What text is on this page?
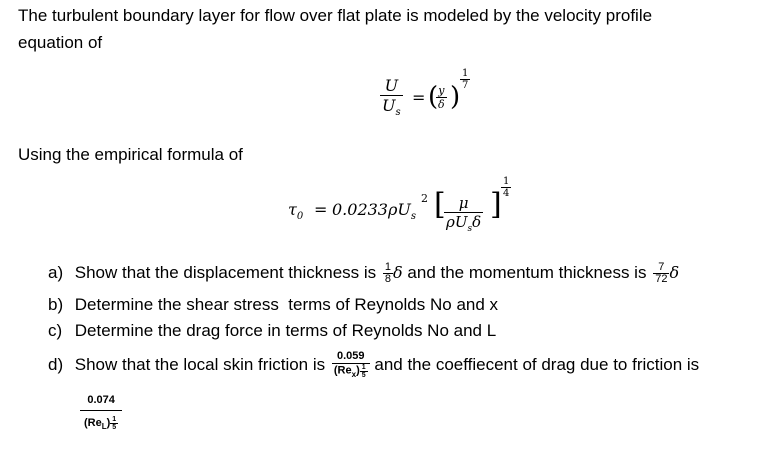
The turbulent boundary layer for flow over flat plate is modeled by the velocity profile
equation of
$\frac{U}{U_s}$ = (
$\frac{y}{\delta}$ )
$\frac{1}{7}$
Using the empirical formula of
$\tau_0 = 0.0233\rho U_s$
2 [ μ
$\rho U_s\delta$ ] $\frac{1}{4}$
a) Show that the displacement thickness is $\frac{1}{8}$ δ and the momentum thickness is $\frac{7}{72}$ δ
b) Determine the shear stress  terms of Reynolds No and x
c) Determine the drag force in terms of Reynolds No and L
d) Show that the local skin friction is $\frac{0.059}{(Re_x) \frac{1}{5}}$ and the coeffiecent of drag due to friction is
$\frac{0.074}{(Re_L) \frac{1}{5}}$
